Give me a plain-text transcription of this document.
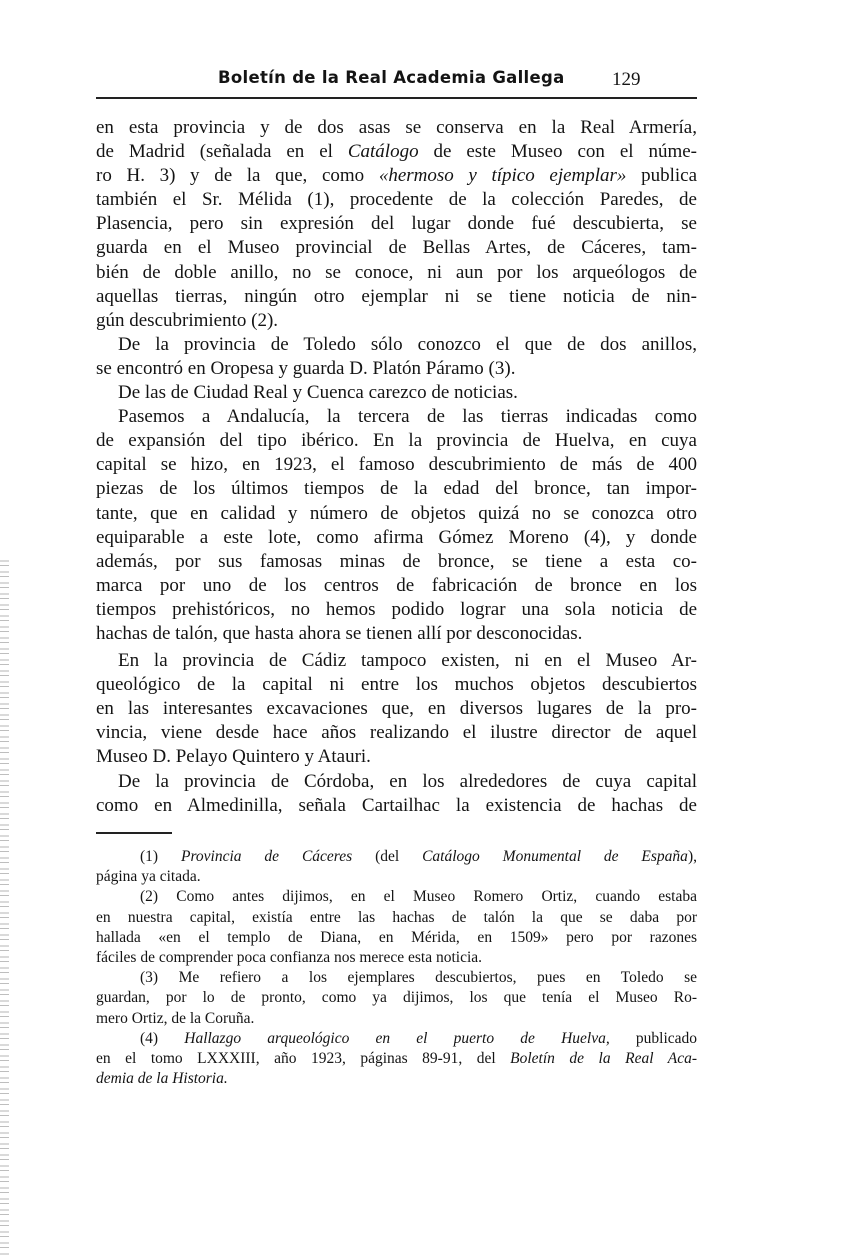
Boletín de la Real Academia Gallega 129
en esta provincia y de dos asas se conserva en la Real Armería,
de Madrid (señalada en el Catálogo de este Museo con el núme-
ro H. 3) y de la que, como «hermoso y típico ejemplar» publica
también el Sr. Mélida (1), procedente de la colección Paredes, de
Plasencia, pero sin expresión del lugar donde fué descubierta, se
guarda en el Museo provincial de Bellas Artes, de Cáceres, tam-
bién de doble anillo, no se conoce, ni aun por los arqueólogos de
aquellas tierras, ningún otro ejemplar ni se tiene noticia de nin-
gún descubrimiento (2).
De la provincia de Toledo sólo conozco el que de dos anillos,
se encontró en Oropesa y guarda D. Platón Páramo (3).
De las de Ciudad Real y Cuenca carezco de noticias.
Pasemos a Andalucía, la tercera de las tierras indicadas como
de expansión del tipo ibérico. En la provincia de Huelva, en cuya
capital se hizo, en 1923, el famoso descubrimiento de más de 400
piezas de los últimos tiempos de la edad del bronce, tan impor-
tante, que en calidad y número de objetos quizá no se conozca otro
equiparable a este lote, como afirma Gómez Moreno (4), y donde
además, por sus famosas minas de bronce, se tiene a esta co-
marca por uno de los centros de fabricación de bronce en los
tiempos prehistóricos, no hemos podido lograr una sola noticia de
hachas de talón, que hasta ahora se tienen allí por desconocidas.
En la provincia de Cádiz tampoco existen, ni en el Museo Ar-
queológico de la capital ni entre los muchos objetos descubiertos
en las interesantes excavaciones que, en diversos lugares de la pro-
vincia, viene desde hace años realizando el ilustre director de aquel
Museo D. Pelayo Quintero y Atauri.
De la provincia de Córdoba, en los alrededores de cuya capital
como en Almedinilla, señala Cartailhac la existencia de hachas de
(1) Provincia de Cáceres (del Catálogo Monumental de España),
página ya citada.
(2) Como antes dijimos, en el Museo Romero Ortiz, cuando estaba
en nuestra capital, existía entre las hachas de talón la que se daba por
hallada «en el templo de Diana, en Mérida, en 1509» pero por razones
fáciles de comprender poca confianza nos merece esta noticia.
(3) Me refiero a los ejemplares descubiertos, pues en Toledo se
guardan, por lo de pronto, como ya dijimos, los que tenía el Museo Ro-
mero Ortiz, de la Coruña.
(4) Hallazgo arqueológico en el puerto de Huelva, publicado
en el tomo LXXXIII, año 1923, páginas 89-91, del Boletín de la Real Aca-
demia de la Historia.
